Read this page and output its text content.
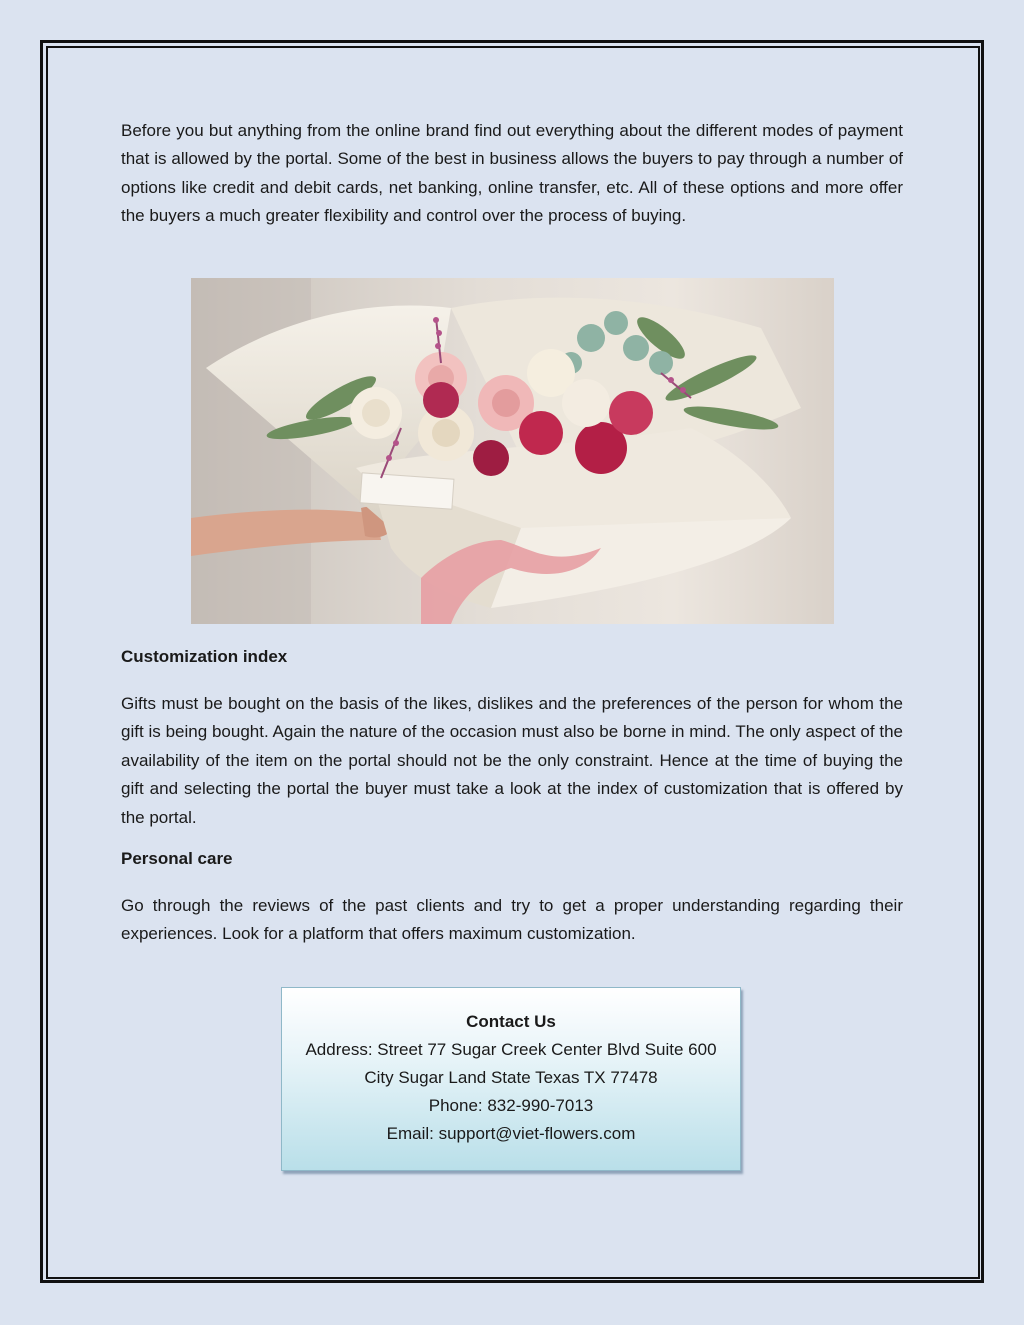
Before you but anything from the online brand find out everything about the different modes of payment that is allowed by the portal. Some of the best in business allows the buyers to pay through a number of options like credit and debit cards, net banking, online transfer, etc. All of these options and more offer the buyers a much greater flexibility and control over the process of buying.

Customization index

Gifts must be bought on the basis of the likes, dislikes and the preferences of the person for whom the gift is being bought. Again the nature of the occasion must also be borne in mind. The only aspect of the availability of the item on the portal should not be the only constraint. Hence at the time of buying the gift and selecting the portal the buyer must take a look at the index of customization that is offered by the portal.

Personal care

Go through the reviews of the past clients and try to get a proper understanding regarding their experiences. Look for a platform that offers maximum customization.

Contact Us
Address: Street 77 Sugar Creek Center Blvd Suite 600
City Sugar Land State Texas TX 77478
Phone: 832-990-7013
Email: support@viet-flowers.com
